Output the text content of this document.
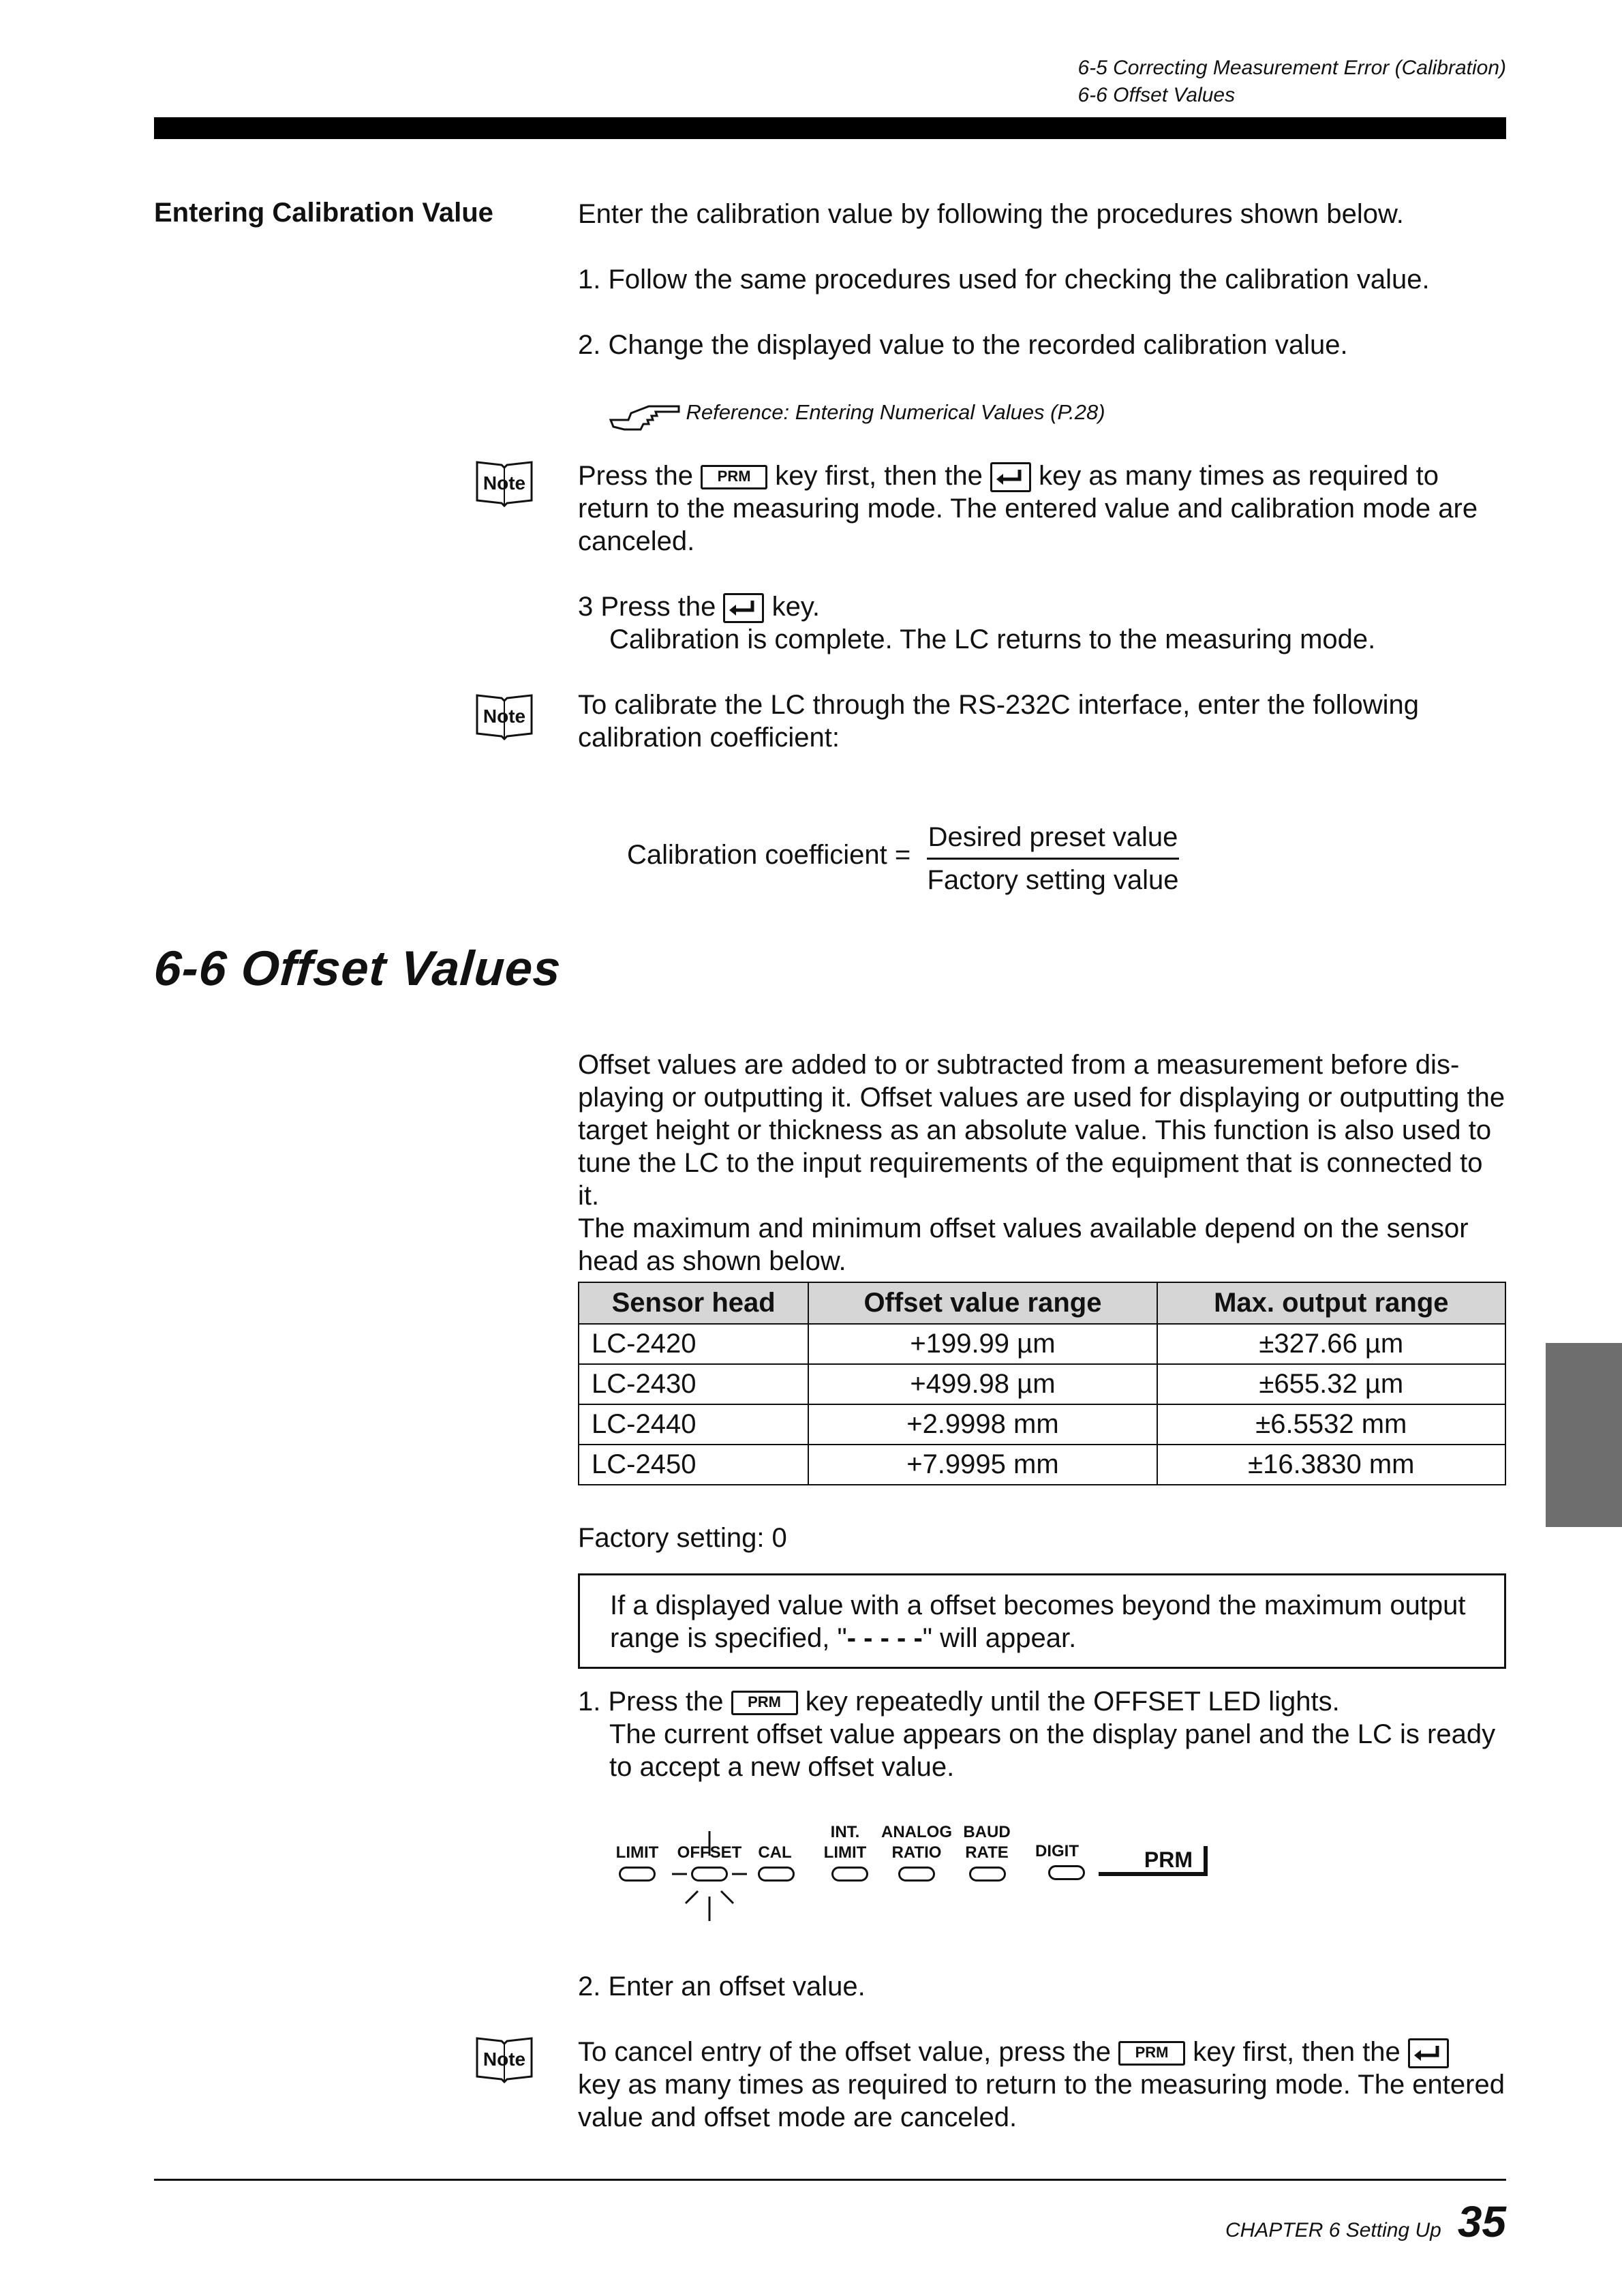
6-5 Correcting Measurement Error (Calibration)
6-6 Offset Values
Entering Calibration Value	Enter the calibration value by following the procedures shown below.
1. Follow the same procedures used for checking the calibration value.
2. Change the displayed value to the recorded calibration value.
Reference: Entering Numerical Values (P.28)
Note Press the PRM key first, then the key as many times as required to
return to the measuring mode. The entered value and calibration mode are
canceled.
3 Press the key.
Calibration is complete. The LC returns to the measuring mode.
Note To calibrate the LC through the RS-232C interface, enter the following
calibration coefficient:
Calibration coefficient =
Desired preset value
Factory setting value
6-6 Offset Values
Offset values are added to or subtracted from a measurement before dis-
playing or outputting it. Offset values are used for displaying or outputting the
target height or thickness as an absolute value. This function is also used to
tune the LC to the input requirements of the equipment that is connected to
it.
The maximum and minimum offset values available depend on the sensor
head as shown below.
Sensor head	Offset value range	Max. output range
LC-2420	+199.99 µm	±327.66 µm
LC-2430	+499.98 µm	±655.32 µm
LC-2440	+2.9998 mm	±6.5532 mm
LC-2450	+7.9995 mm	±16.3830 mm
Factory setting: 0
If a displayed value with a offset becomes beyond the maximum output
range is specified, "- - - - -" will appear.
1. Press the PRM key repeatedly until the OFFSET LED lights.
The current offset value appears on the display panel and the LC is ready
to accept a new offset value.
LIMIT	OFFSET	CAL
INT.
LIMIT
ANALOG
RATIO
BAUD
RATE	DIGIT	PRM
2. Enter an offset value.
Note To cancel entry of the offset value, press the PRM key first, then the
key as many times as required to return to the measuring mode. The entered
value and offset mode are canceled.
CHAPTER 6 Setting Up 35
